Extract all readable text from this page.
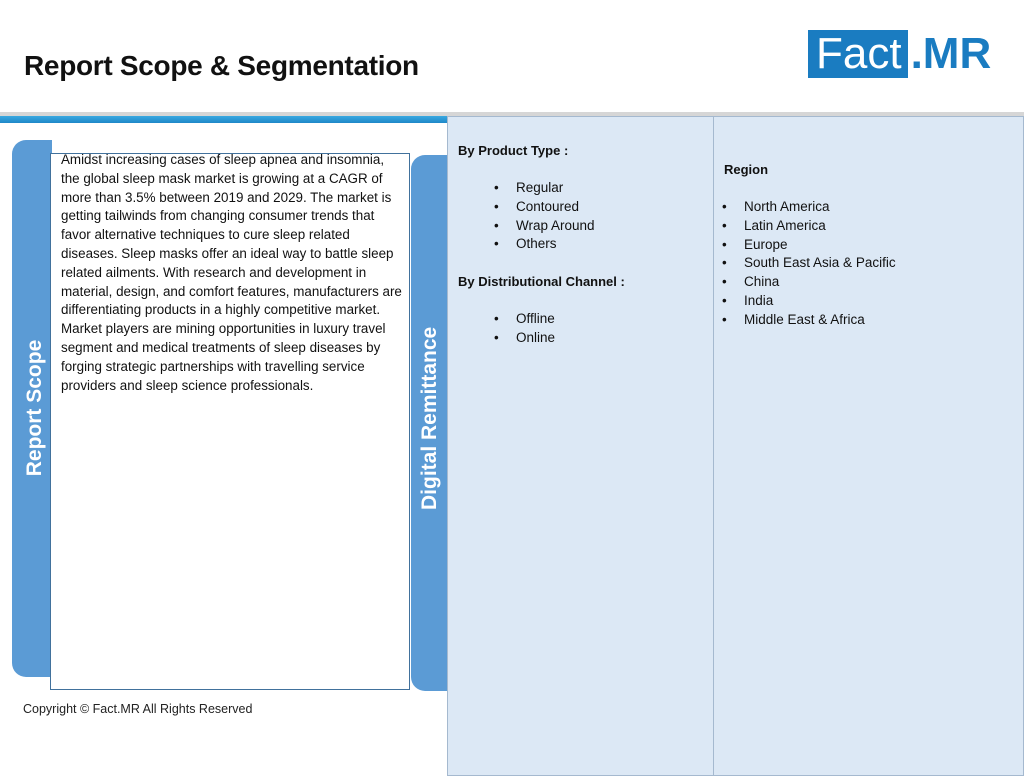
Report Scope & Segmentation	Fact .MR
Report Scope	Digital Remittance
Amidst increasing cases of sleep apnea and insomnia, the global sleep mask market is growing at a CAGR of more than 3.5% between 2019 and 2029. The market is getting tailwinds from changing consumer trends that favor alternative techniques to cure sleep related diseases. Sleep masks offer an ideal way to battle sleep related ailments. With research and development in material, design, and comfort features, manufacturers are differentiating products in a highly competitive market. Market players are mining opportunities in luxury travel segment and medical treatments of sleep diseases by forging strategic partnerships with travelling service providers and sleep science professionals.
Copyright © Fact.MR All Rights Reserved
By Product Type :
• Regular
• Contoured
• Wrap Around
• Others
By Distributional Channel :
• Offline
• Online
Region
• North America
• Latin America
• Europe
• South East Asia & Pacific
• China
• India
• Middle East & Africa
